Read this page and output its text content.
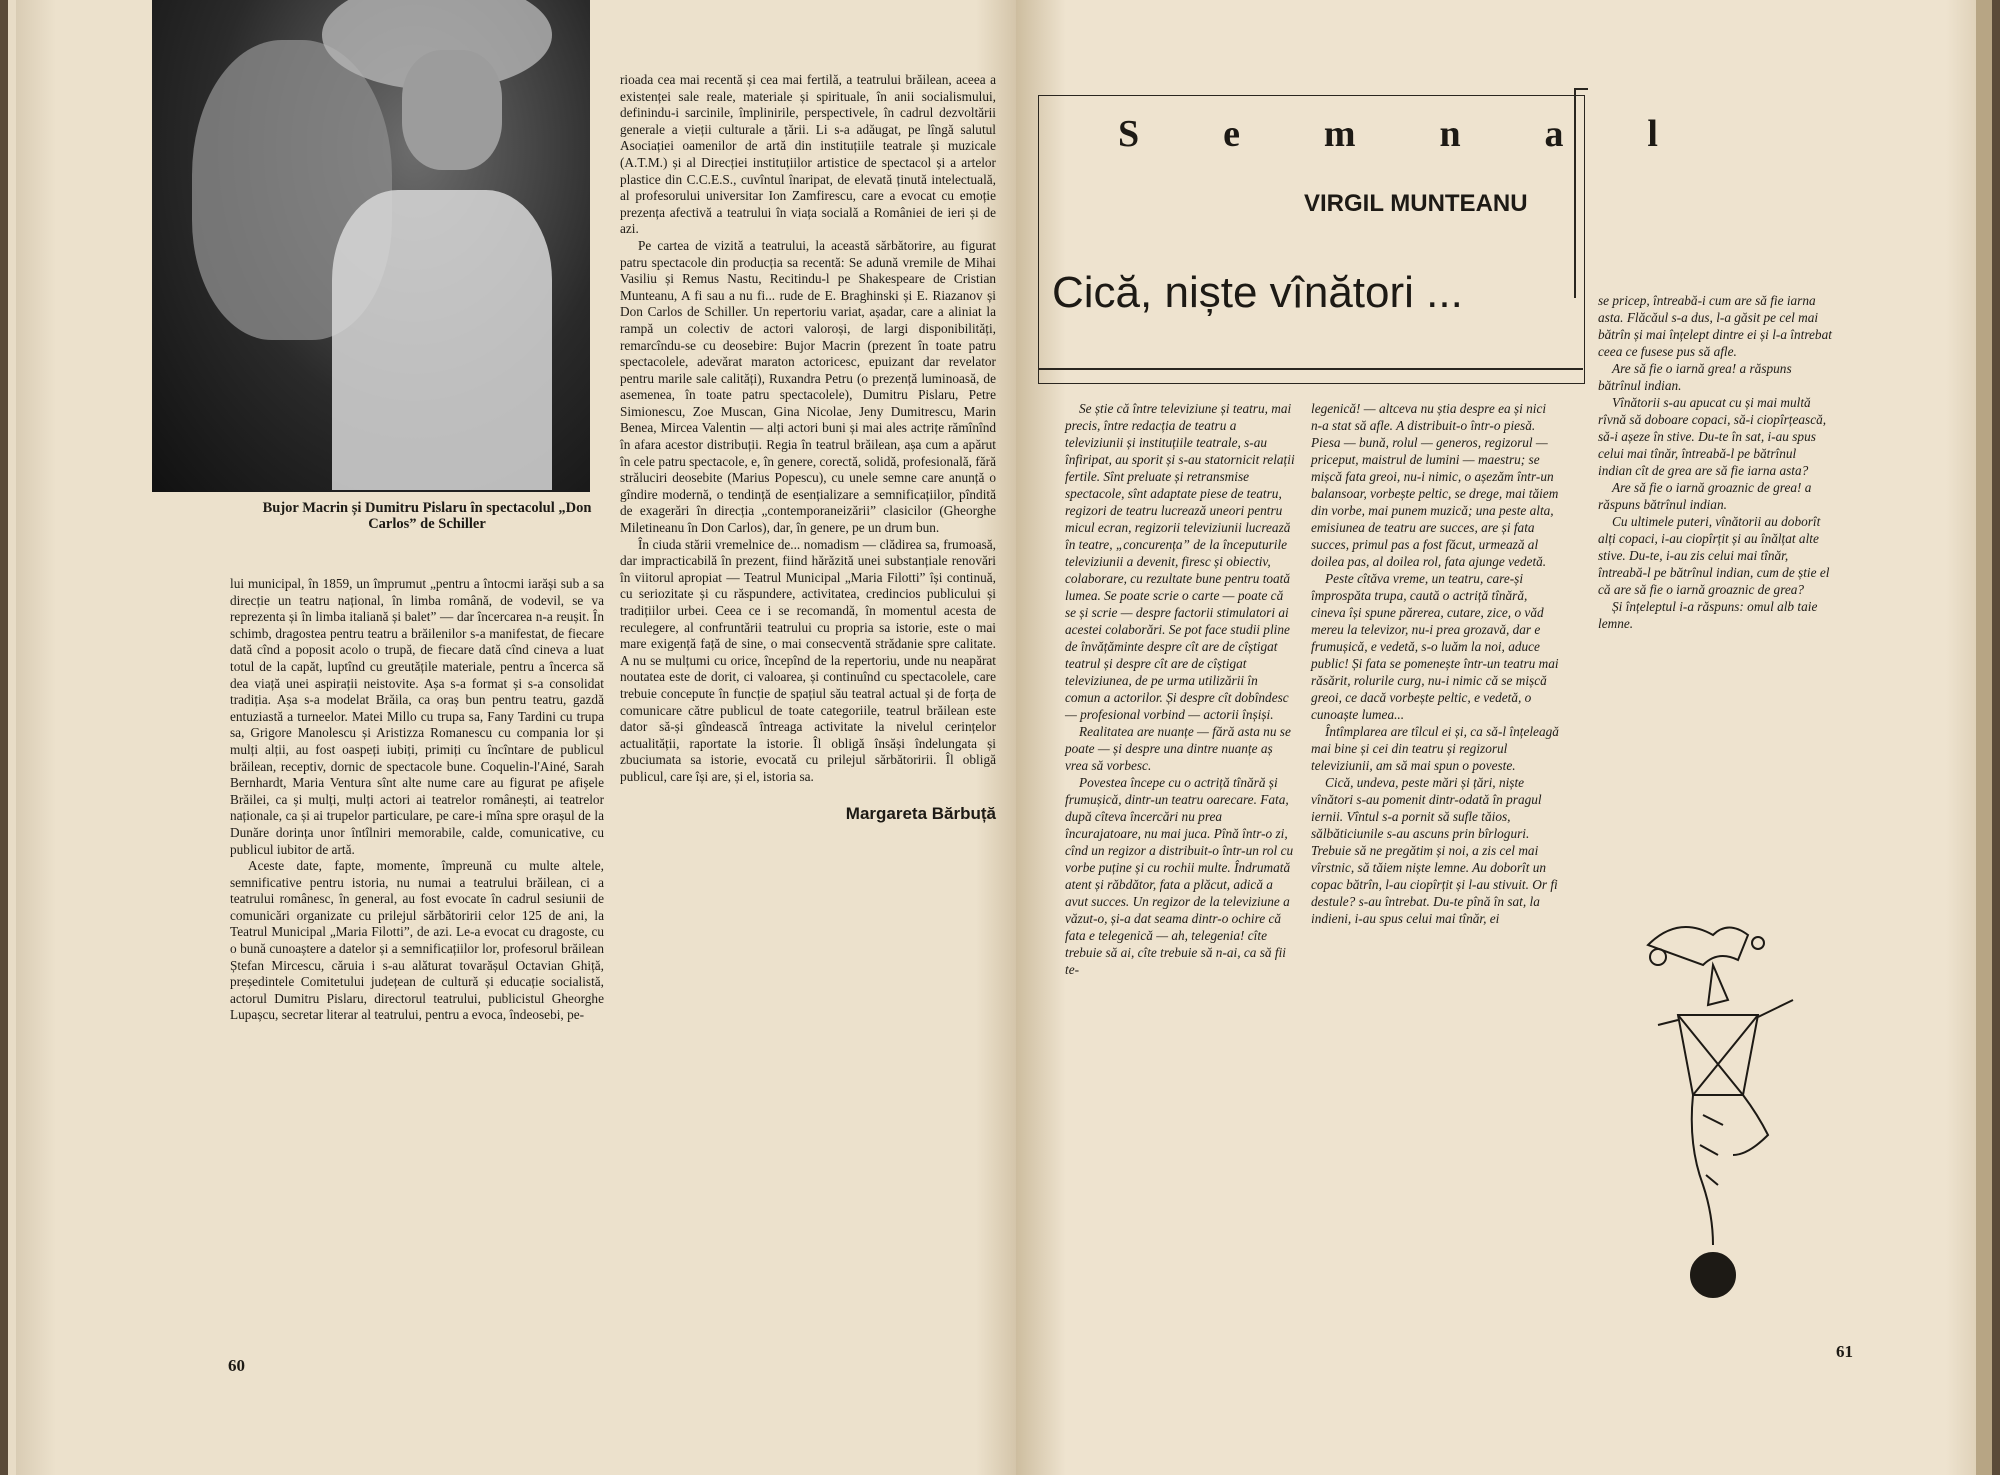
Bujor Macrin și Dumitru Pislaru în spectacolul „Don Carlos” de Schiller

lui municipal, în 1859, un împrumut „pentru a întocmi iarăși sub a sa direcție un teatru național, în limba română, de vodevil, se va reprezenta și în limba italiană și balet” — dar încercarea n-a reușit. În schimb, dragostea pentru teatru a brăilenilor s-a manifestat, de fiecare dată cînd a poposit acolo o trupă, de fiecare dată cînd cineva a luat totul de la capăt, luptînd cu greutățile materiale, pentru a încerca să dea viață unei aspirații neistovite. Așa s-a format și s-a consolidat tradiția. Așa s-a modelat Brăila, ca oraș bun pentru teatru, gazdă entuziastă a turneelor. Matei Millo cu trupa sa, Fany Tardini cu trupa sa, Grigore Manolescu și Aristizza Romanescu cu compania lor și mulți alții, au fost oaspeți iubiți, primiți cu încîntare de publicul brăilean, receptiv, dornic de spectacole bune. Coquelin-l'Ainé, Sarah Bernhardt, Maria Ventura sînt alte nume care au figurat pe afișele Brăilei, ca și mulți, mulți actori ai teatrelor românești, ai teatrelor naționale, ca și ai trupelor particulare, pe care-i mîna spre orașul de la Dunăre dorința unor întîlniri memorabile, calde, comunicative, cu publicul iubitor de artă.

Aceste date, fapte, momente, împreună cu multe altele, semnificative pentru istoria, nu numai a teatrului brăilean, ci a teatrului românesc, în general, au fost evocate în cadrul sesiunii de comunicări organizate cu prilejul sărbătoririi celor 125 de ani, la Teatrul Municipal „Maria Filotti”, de azi. Le-a evocat cu dragoste, cu o bună cunoaștere a datelor și a semnificațiilor lor, profesorul brăilean Ștefan Mircescu, căruia i s-au alăturat tovarășul Octavian Ghiță, președintele Comitetului județean de cultură și educație socialistă, actorul Dumitru Pislaru, directorul teatrului, publicistul Gheorghe Lupașcu, secretar literar al teatrului, pentru a evoca, îndeosebi, pe-

rioada cea mai recentă și cea mai fertilă, a teatrului brăilean, aceea a existenței sale reale, materiale și spirituale, în anii socialismului, definindu-i sarcinile, împlinirile, perspectivele, în cadrul dezvoltării generale a vieții culturale a țării. Li s-a adăugat, pe lîngă salutul Asociației oamenilor de artă din instituțiile teatrale și muzicale (A.T.M.) și al Direcției instituțiilor artistice de spectacol și a artelor plastice din C.C.E.S., cuvîntul înaripat, de elevată ținută intelectuală, al profesorului universitar Ion Zamfirescu, care a evocat cu emoție prezența afectivă a teatrului în viața socială a României de ieri și de azi.

Pe cartea de vizită a teatrului, la această sărbătorire, au figurat patru spectacole din producția sa recentă: Se adună vremile de Mihai Vasiliu și Remus Nastu, Recitindu-l pe Shakespeare de Cristian Munteanu, A fi sau a nu fi... rude de E. Braghinski și E. Riazanov și Don Carlos de Schiller. Un repertoriu variat, așadar, care a aliniat la rampă un colectiv de actori valoroși, de largi disponibilități, remarcîndu-se cu deosebire: Bujor Macrin (prezent în toate patru spectacolele, adevărat maraton actoricesc, epuizant dar revelator pentru marile sale calități), Ruxandra Petru (o prezență luminoasă, de asemenea, în toate patru spectacolele), Dumitru Pislaru, Petre Simionescu, Zoe Muscan, Gina Nicolae, Jeny Dumitrescu, Marin Benea, Mircea Valentin — alți actori buni și mai ales actrițe rămînînd în afara acestor distribuții. Regia în teatrul brăilean, așa cum a apărut în cele patru spectacole, e, în genere, corectă, solidă, profesională, fără străluciri deosebite (Marius Popescu), cu unele semne care anunță o gîndire modernă, o tendință de esențializare a semnificațiilor, pîndită de exagerări în direcția „contemporaneizării” clasicilor (Gheorghe Miletineanu în Don Carlos), dar, în genere, pe un drum bun.

În ciuda stării vremelnice de... nomadism — clădirea sa, frumoasă, dar impracticabilă în prezent, fiind hărăzită unei substanțiale renovări în viitorul apropiat — Teatrul Municipal „Maria Filotti” își continuă, cu seriozitate și cu răspundere, activitatea, credincios publicului și tradițiilor urbei. Ceea ce i se recomandă, în momentul acesta de reculegere, al confruntării teatrului cu propria sa istorie, este o mai mare exigență față de sine, o mai consecventă strădanie spre calitate. A nu se mulțumi cu orice, începînd de la repertoriu, unde nu neapărat noutatea este de dorit, ci valoarea, și continuînd cu spectacolele, care trebuie concepute în funcție de spațiul său teatral actual și de forța de comunicare către publicul de toate categoriile, teatrul brăilean este dator să-și gîndească întreaga activitate la nivelul cerințelor actualității, raportate la istorie. Îl obligă însăși îndelungata și zbuciumata sa istorie, evocată cu prilejul sărbătoririi. Îl obligă publicul, care își are, și el, istoria sa.

Margareta Bărbuță

60
S e m n a l
VIRGIL MUNTEANU
Cică, niște vînători ...

Se știe că între televiziune și teatru, mai precis, între redacția de teatru a televiziunii și instituțiile teatrale, s-au înfiripat, au sporit și s-au statornicit relații fertile. Sînt preluate și retransmise spectacole, sînt adaptate piese de teatru, regizori de teatru lucrează uneori pentru micul ecran, regizorii televiziunii lucrează în teatre, „concurența” de la începuturile televiziunii a devenit, firesc și obiectiv, colaborare, cu rezultate bune pentru toată lumea. Se poate scrie o carte — poate că se și scrie — despre factorii stimulatori ai acestei colaborări. Se pot face studii pline de învățăminte despre cît are de cîștigat teatrul și despre cît are de cîștigat televiziunea, de pe urma utilizării în comun a actorilor. Și despre cît dobîndesc — profesional vorbind — actorii înșiși.

Realitatea are nuanțe — fără asta nu se poate — și despre una dintre nuanțe aș vrea să vorbesc.

Povestea începe cu o actriță tînără și frumușică, dintr-un teatru oarecare. Fata, după cîteva încercări nu prea încurajatoare, nu mai juca. Pînă într-o zi, cînd un regizor a distribuit-o într-un rol cu vorbe puține și cu rochii multe. Îndrumată atent și răbdător, fata a plăcut, adică a avut succes. Un regizor de la televiziune a văzut-o, și-a dat seama dintr-o ochire că fata e telegenică — ah, telegenia! cîte trebuie să ai, cîte trebuie să n-ai, ca să fii te-

legenică! — altceva nu știa despre ea și nici n-a stat să afle. A distribuit-o într-o piesă. Piesa — bună, rolul — generos, regizorul — priceput, maistrul de lumini — maestru; se mișcă fata greoi, nu-i nimic, o așezăm într-un balansoar, vorbește peltic, se drege, mai tăiem din vorbe, mai punem muzică; una peste alta, emisiunea de teatru are succes, are și fata succes, primul pas a fost făcut, urmează al doilea pas, al doilea rol, fata ajunge vedetă.

Peste cîtăva vreme, un teatru, care-și împrospăta trupa, caută o actriță tînără, cineva își spune părerea, cutare, zice, o văd mereu la televizor, nu-i prea grozavă, dar e frumușică, e vedetă, s-o luăm la noi, aduce public! Și fata se pomenește într-un teatru mai răsărit, rolurile curg, nu-i nimic că se mișcă greoi, ce dacă vorbește peltic, e vedetă, o cunoaște lumea...

Întîmplarea are tîlcul ei și, ca să-l înțeleagă mai bine și cei din teatru și regizorul televiziunii, am să mai spun o poveste.

Cică, undeva, peste mări și țări, niște vînători s-au pomenit dintr-odată în pragul iernii. Vîntul s-a pornit să sufle tăios, sălbăticiunile s-au ascuns prin bîrloguri. Trebuie să ne pregătim și noi, a zis cel mai vîrstnic, să tăiem niște lemne. Au doborît un copac bătrîn, l-au ciopîrțit și l-au stivuit. Or fi destule? s-au întrebat. Du-te pînă în sat, la indieni, i-au spus celui mai tînăr, ei

se pricep, întreabă-i cum are să fie iarna asta. Flăcăul s-a dus, l-a găsit pe cel mai bătrîn și mai înțelept dintre ei și l-a întrebat ceea ce fusese pus să afle.

Are să fie o iarnă grea! a răspuns bătrînul indian.

Vînătorii s-au apucat cu și mai multă rîvnă să doboare copaci, să-i ciopîrțească, să-i așeze în stive. Du-te în sat, i-au spus celui mai tînăr, întreabă-l pe bătrînul indian cît de grea are să fie iarna asta?

Are să fie o iarnă groaznic de grea! a răspuns bătrînul indian.

Cu ultimele puteri, vînătorii au doborît alți copaci, i-au ciopîrțit și au înălțat alte stive. Du-te, i-au zis celui mai tînăr, întreabă-l pe bătrînul indian, cum de știe el că are să fie o iarnă groaznic de grea?

Și înțeleptul i-a răspuns: omul alb taie lemne.

61
